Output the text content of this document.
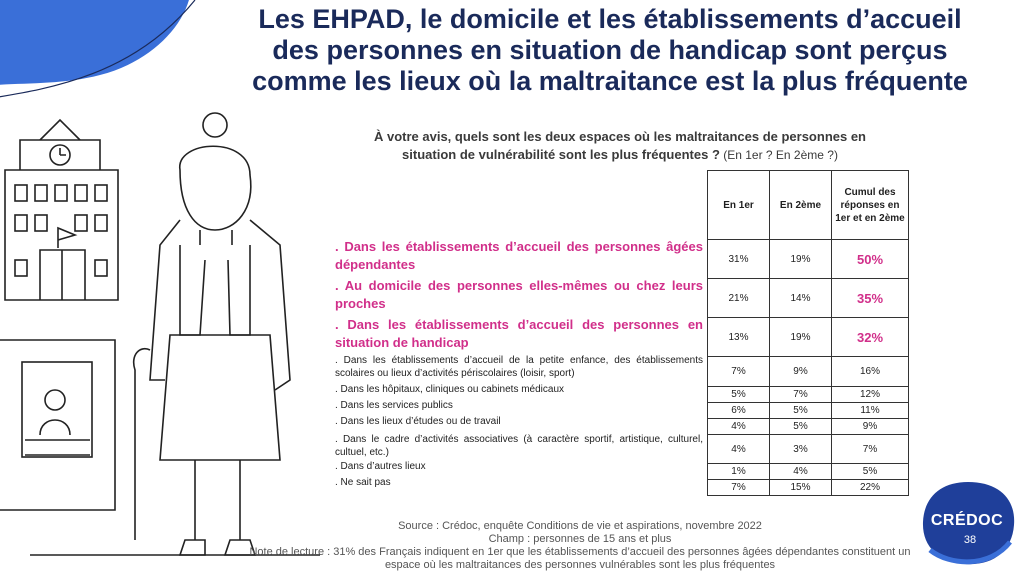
Les EHPAD, le domicile et les établissements d’accueil
des personnes en situation de handicap sont perçus
comme les lieux où la maltraitance est la plus fréquente
À votre avis, quels sont les deux espaces où les maltraitances de personnes en
situation de vulnérabilité sont les plus fréquentes ? (En 1er ? En 2ème ?)
. Dans les établissements d’accueil des personnes âgées dépendantes
. Au domicile des personnes elles-mêmes ou chez leurs proches
. Dans les établissements d’accueil des personnes en situation de handicap
. Dans les établissements d’accueil de la petite enfance, des établissements scolaires ou lieux d’activités périscolaires (loisir, sport)
. Dans les hôpitaux, cliniques ou cabinets médicaux
. Dans les services publics
. Dans les lieux d’études ou de travail
. Dans le cadre d’activités associatives (à caractère sportif, artistique, culturel, cultuel, etc.)
. Dans d’autres lieux
. Ne sait pas
En 1er	En 2ème	Cumul des réponses en 1er et en 2ème
31%	19%	50%
21%	14%	35%
13%	19%	32%
7%	9%	16%
5%	7%	12%
6%	5%	11%
4%	5%	9%
4%	3%	7%
1%	4%	5%
7%	15%	22%
Source : Crédoc, enquête Conditions de vie et aspirations, novembre 2022
Champ : personnes de 15 ans et plus
Note de lecture : 31% des Français indiquent en 1er que les établissements d’accueil des personnes âgées dépendantes constituent un
espace où les maltraitances des personnes vulnérables sont les plus fréquentes
CRÉDOC
38
